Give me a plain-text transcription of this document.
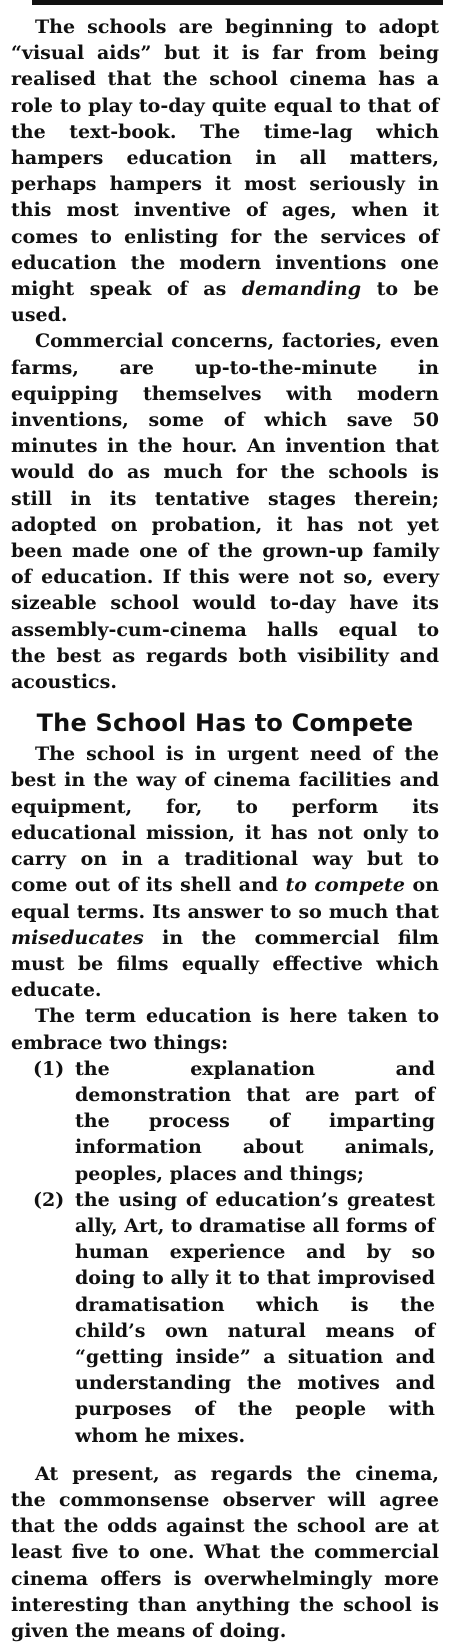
The schools are beginning to adopt “visual aids” but it is far from being realised that the school cinema has a role to play to-day quite equal to that of the text-book. The time-lag which hampers education in all matters, perhaps hampers it most seriously in this most inventive of ages, when it comes to enlisting for the services of education the modern inventions one might speak of as demanding to be used.

Commercial concerns, factories, even farms, are up-to-the-minute in equipping themselves with modern inventions, some of which save 50 minutes in the hour. An invention that would do as much for the schools is still in its tentative stages therein; adopted on probation, it has not yet been made one of the grown-up family of education. If this were not so, every sizeable school would to-day have its assembly-cum-cinema halls equal to the best as regards both visibility and acoustics.

The School Has to Compete

The school is in urgent need of the best in the way of cinema facilities and equipment, for, to perform its educational mission, it has not only to carry on in a traditional way but to come out of its shell and to compete on equal terms. Its answer to so much that miseducates in the commercial film must be films equally effective which educate.

The term education is here taken to embrace two things:

(1) the explanation and demonstration that are part of the process of imparting information about animals, peoples, places and things;
(2) the using of education’s greatest ally, Art, to dramatise all forms of human experience and by so doing to ally it to that improvised dramatisation which is the child’s own natural means of “getting inside” a situation and understanding the motives and purposes of the people with whom he mixes.

At present, as regards the cinema, the commonsense observer will agree that the odds against the school are at least five to one. What the commercial cinema offers is overwhelmingly more interesting than anything the school is given the means of doing.
